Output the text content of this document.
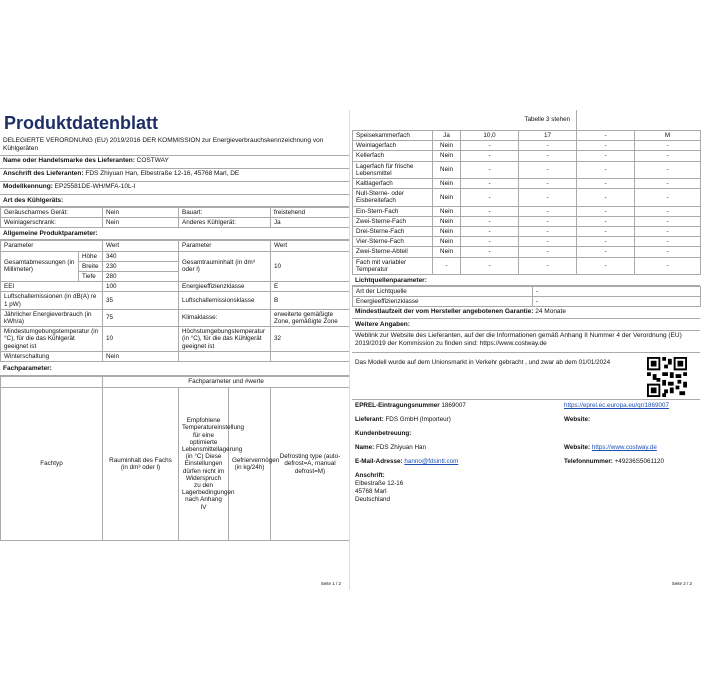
Produktdatenblatt
DELEGIERTE VERORDNUNG (EU) 2019/2016 DER KOMMISSION zur Energieverbrauchskennzeichnung von Kühlgeräten
Name oder Handelsmarke des Lieferanten: COSTWAY
Anschrift des Lieferanten: FDS Zhiyuan Han, Elbestraße 12-16, 45768 Marl, DE
Modellkennung: EP25581DE-WH/MFA-10L-I
Art des Kühlgeräts:
Geräuscharmes Gerät:	Nein	Bauart:	freistehend
Weinlagerschrank:	Nein	Anderes Kühlgerät:	Ja
Allgemeine Produktparameter:
Parameter		Wert	Parameter	Wert
Gesamtabmessungen (in Millimeter)	Höhe	340	Gesamtrauminhalt (in dm³ oder l)	10
	Breite	230		
	Tiefe	280		
EEI		100	Energieeffizienzklasse	E
Luftschallemissionen (in dB(A) re 1 pW)		35	Luftschallemissionsklasse	B
Jährlicher Energieverbrauch (in kWh/a)		75	Klimaklasse:	erweiterte gemäßigte Zone, gemäßigte Zone
Mindestumgebungstemperatur (in °C), für die das Kühlgerät geeignet ist		10	Höchstumgebungstemperatur (in °C), für die das Kühlgerät geeignet ist	32
Winterschaltung		Nein		
Fachparameter:
	Fachparameter und #werte			
Fachtyp	Rauminhalt des Fachs (in dm³ oder l)	Empfohlene Temperatureinstellung für eine optimierte Lebensmittellagerung (in °C) Diese Einstellungen dürfen nicht im Widerspruch zu den Lagerbedingungen nach Anhang IV	Gefriervermögen (in kg/24h)	Defrosting type (auto-defrost=A, manual defrost=M)
Seite 1 / 2
			Tabelle 3 stehen		
Speisekammerfach	Ja	10,0	17	-	M
Weinlagerfach	Nein	-	-	-	-
Kellerfach	Nein	-	-	-	-
Lagerfach für frische Lebensmittel	Nein	-	-	-	-
Kaltlagerfach	Nein	-	-	-	-
Null-Sterne- oder Eisbereitefach	Nein	-	-	-	-
Ein-Stern-Fach	Nein	-	-	-	-
Zwei-Sterne-Fach	Nein	-	-	-	-
Drei-Sterne-Fach	Nein	-	-	-	-
Vier-Sterne-Fach	Nein	-	-	-	-
Zwei-Sterne-Abteil	Nein	-	-	-	-
Fach mit variabler Temperatur	-	-	-	-	-
Lichtquellenparameter:
Art der Lichtquelle	-
Energieeffizienzklasse	-
Mindestlaufzeit der vom Hersteller angebotenen Garantie: 24 Monate
Weitere Angaben:
Weblink zur Website des Lieferanten, auf der die Informationen gemäß Anhang II Nummer 4 der Verordnung (EU) 2019/2019 der Kommission zu finden sind: https://www.costway.de
Das Modell wurde auf dem Unionsmarkt in Verkehr gebracht , und zwar ab dem 01/01/2024
EPREL-Eintragungsnummer 1869007	https://eprel.ec.europa.eu/qr/1869007
Lieferant: FDS GmbH (Importeur)	Website:
Kundenbetreuung:
Name: FDS Zhiyuan Han	Website: https://www.costway.de
E-Mail-Adresse: hanno@fdsintl.com	Telefonnummer: +49236S5061120
Anschrift:
Elbestraße 12-16
45768 Marl
Deutschland
Seite 2 / 2
